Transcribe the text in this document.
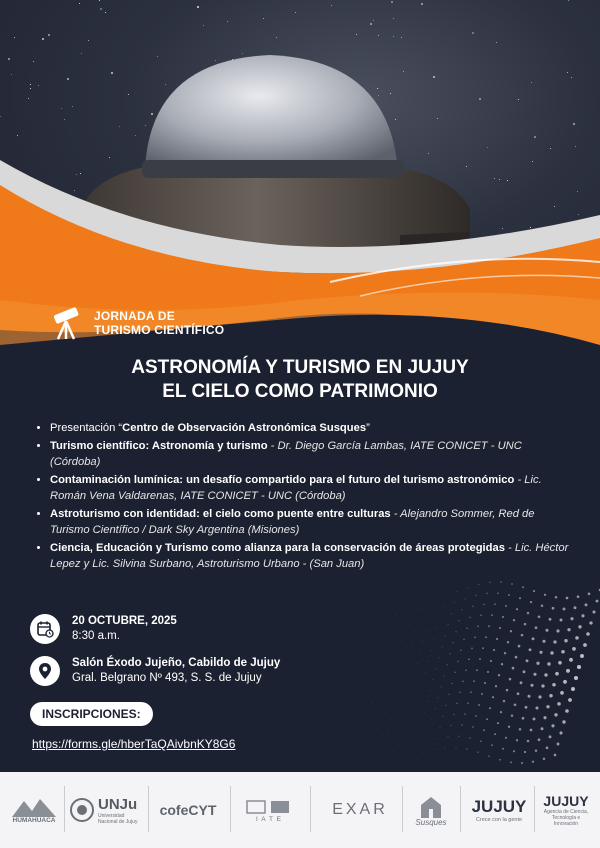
JORNADA DE
TURISMO CIENTÍFICO
ASTRONOMÍA Y TURISMO EN JUJUY
EL CIELO COMO PATRIMONIO
• Presentación “Centro de Observación Astronómica Susques”
• Turismo científico: Astronomía y turismo - Dr. Diego García Lambas, IATE CONICET - UNC (Córdoba)
• Contaminación lumínica: un desafío compartido para el futuro del turismo astronómico - Lic. Román Vena Valdarenas, IATE CONICET - UNC (Córdoba)
• Astroturismo con identidad: el cielo como puente entre culturas - Alejandro Sommer, Red de Turismo Científico / Dark Sky Argentina (Misiones)
• Ciencia, Educación y Turismo como alianza para la conservación de áreas protegidas - Lic. Héctor Lepez y Lic. Silvina Surbano, Astroturismo Urbano - (San Juan)
20 OCTUBRE, 2025
8:30 a.m.
Salón Éxodo Jujeño, Cabildo de Jujuy
Gral. Belgrano Nº 493, S. S. de Jujuy
INSCRIPCIONES:
https://forms.gle/hberTaQAivbnKY8G6
HUMAHUACA
UNJu
Universidad Nacional de Jujuy
cofeCYT
I A T E
EXAR
Susques
JUJUY
Crece con la gente
JUJUY
Agencia de Ciencia, Tecnología e Innovación
